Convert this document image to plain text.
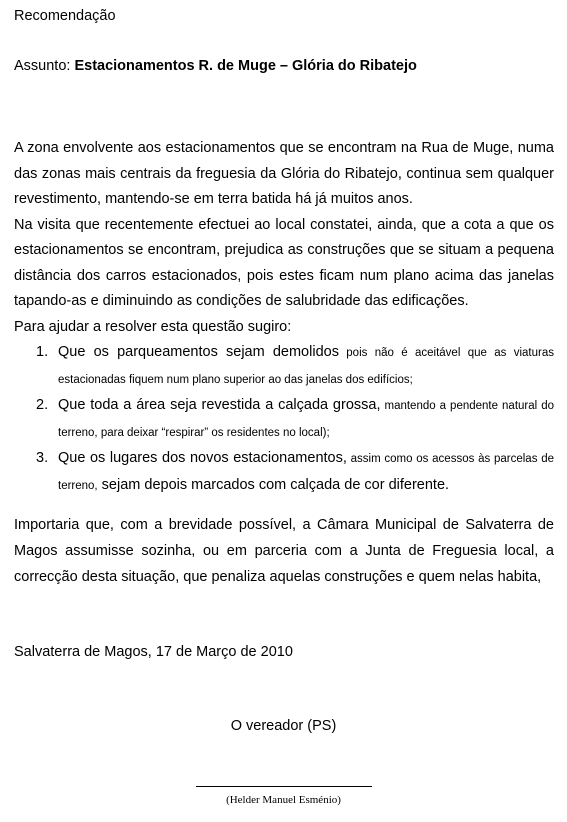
Recomendação
Assunto: Estacionamentos R. de Muge – Glória do Ribatejo

A zona envolvente aos estacionamentos que se encontram na Rua de Muge, numa das zonas mais centrais da freguesia da Glória do Ribatejo, continua sem qualquer revestimento, mantendo-se em terra batida há já muitos anos.

Na visita que recentemente efectuei ao local constatei, ainda, que a cota a que os estacionamentos se encontram, prejudica as construções que se situam a pequena distância dos carros estacionados, pois estes ficam num plano acima das janelas tapando-as e diminuindo as condições de salubridade das edificações.

Para ajudar a resolver esta questão sugiro:

1. Que os parqueamentos sejam demolidos pois não é aceitável que as viaturas estacionadas fiquem num plano superior ao das janelas dos edifícios;
2. Que toda a área seja revestida a calçada grossa, mantendo a pendente natural do terreno, para deixar “respirar” os residentes no local);
3. Que os lugares dos novos estacionamentos, assim como os acessos às parcelas de terreno, sejam depois marcados com calçada de cor diferente.

Importaria que, com a brevidade possível, a Câmara Municipal de Salvaterra de Magos assumisse sozinha, ou em parceria com a Junta de Freguesia local, a correcção desta situação, que penaliza aquelas construções e quem nelas habita,

Salvaterra de Magos, 17 de Março de 2010
O vereador (PS)
(Helder Manuel Esménio)
